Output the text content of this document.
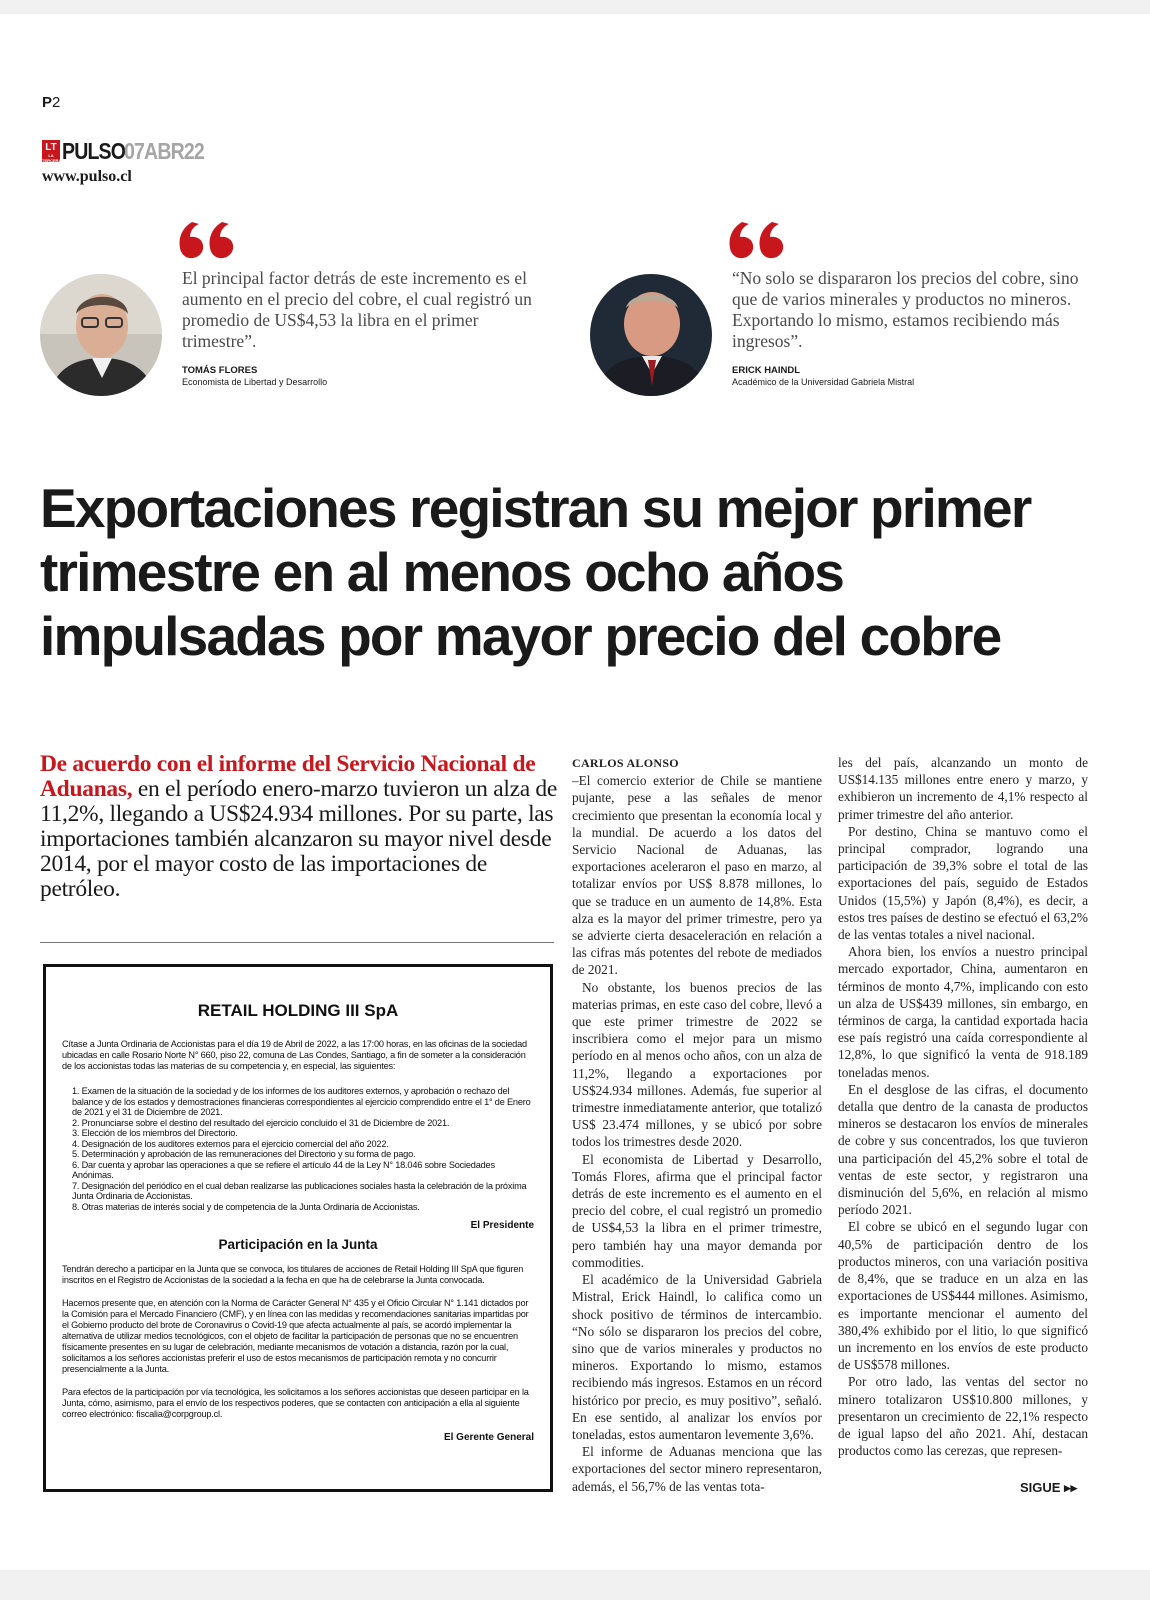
P2
LT
LA TERCERA PULSO 07ABR22
www.pulso.cl
El principal factor detrás de este incremento es el aumento en el precio del cobre, el cual registró un promedio de US$4,53 la libra en el primer trimestre”.
TOMÁS FLORES
Economista de Libertad y Desarrollo
“No solo se dispararon los precios del cobre, sino que de varios minerales y productos no mineros. Exportando lo mismo, estamos recibiendo más ingresos”.
ERICK HAINDL
Académico de la Universidad Gabriela Mistral
Exportaciones registran su mejor primer trimestre en al menos ocho años impulsadas por mayor precio del cobre
De acuerdo con el informe del Servicio Nacional de Aduanas, en el período enero-marzo tuvieron un alza de 11,2%, llegando a US$24.934 millones. Por su parte, las importaciones también alcanzaron su mayor nivel desde 2014, por el mayor costo de las importaciones de petróleo.
RETAIL HOLDING III SpA
Cítase a Junta Ordinaria de Accionistas para el día 19 de Abril de 2022, a las 17:00 horas, en las oficinas de la sociedad ubicadas en calle Rosario Norte N° 660, piso 22, comuna de Las Condes, Santiago, a fin de someter a la consideración de los accionistas todas las materias de su competencia y, en especial, las siguientes:
1. Examen de la situación de la sociedad y de los informes de los auditores externos, y aprobación o rechazo del balance y de los estados y demostraciones financieras correspondientes al ejercicio comprendido entre el 1° de Enero de 2021 y el 31 de Diciembre de 2021.
2. Pronunciarse sobre el destino del resultado del ejercicio concluido el 31 de Diciembre de 2021.
3. Elección de los miembros del Directorio.
4. Designación de los auditores externos para el ejercicio comercial del año 2022.
5. Determinación y aprobación de las remuneraciones del Directorio y su forma de pago.
6. Dar cuenta y aprobar las operaciones a que se refiere el artículo 44 de la Ley N° 18.046 sobre Sociedades Anónimas.
7. Designación del periódico en el cual deban realizarse las publicaciones sociales hasta la celebración de la próxima Junta Ordinaria de Accionistas.
8. Otras materias de interés social y de competencia de la Junta Ordinaria de Accionistas.
El Presidente
Participación en la Junta
Tendrán derecho a participar en la Junta que se convoca, los titulares de acciones de Retail Holding III SpA que figuren inscritos en el Registro de Accionistas de la sociedad a la fecha en que ha de celebrarse la Junta convocada.
Hacemos presente que, en atención con la Norma de Carácter General N° 435 y el Oficio Circular N° 1.141 dictados por la Comisión para el Mercado Financiero (CMF), y en línea con las medidas y recomendaciones sanitarias impartidas por el Gobierno producto del brote de Coronavirus o Covid-19 que afecta actualmente al país, se acordó implementar la alternativa de utilizar medios tecnológicos, con el objeto de facilitar la participación de personas que no se encuentren físicamente presentes en su lugar de celebración, mediante mecanismos de votación a distancia, razón por la cual, solicitamos a los señores accionistas preferir el uso de estos mecanismos de participación remota y no concurrir presencialmente a la Junta.
Para efectos de la participación por vía tecnológica, les solicitamos a los señores accionistas que deseen participar en la Junta, cómo, asimismo, para el envío de los respectivos poderes, que se contacten con anticipación a ella al siguiente correo electrónico: fiscalia@corpgroup.cl.
El Gerente General
CARLOS ALONSO

–El comercio exterior de Chile se mantiene pujante, pese a las señales de menor crecimiento que presentan la economía local y la mundial. De acuerdo a los datos del Servicio Nacional de Aduanas, las exportaciones aceleraron el paso en marzo, al totalizar envíos por US$ 8.878 millones, lo que se traduce en un aumento de 14,8%. Esta alza es la mayor del primer trimestre, pero ya se advierte cierta desaceleración en relación a las cifras más potentes del rebote de mediados de 2021.

No obstante, los buenos precios de las materias primas, en este caso del cobre, llevó a que este primer trimestre de 2022 se inscribiera como el mejor para un mismo período en al menos ocho años, con un alza de 11,2%, llegando a exportaciones por US$24.934 millones. Además, fue superior al trimestre inmediatamente anterior, que totalizó US$ 23.474 millones, y se ubicó por sobre todos los trimestres desde 2020.

El economista de Libertad y Desarrollo, Tomás Flores, afirma que el principal factor detrás de este incremento es el aumento en el precio del cobre, el cual registró un promedio de US$4,53 la libra en el primer trimestre, pero también hay una mayor demanda por commodities.

El académico de la Universidad Gabriela Mistral, Erick Haindl, lo califica como un shock positivo de términos de intercambio. “No sólo se dispararon los precios del cobre, sino que de varios minerales y productos no mineros. Exportando lo mismo, estamos recibiendo más ingresos. Estamos en un récord histórico por precio, es muy positivo”, señaló. En ese sentido, al analizar los envíos por toneladas, estos aumentaron levemente 3,6%.

El informe de Aduanas menciona que las exportaciones del sector minero representaron, además, el 56,7% de las ventas tota-

les del país, alcanzando un monto de US$14.135 millones entre enero y marzo, y exhibieron un incremento de 4,1% respecto al primer trimestre del año anterior.

Por destino, China se mantuvo como el principal comprador, logrando una participación de 39,3% sobre el total de las exportaciones del país, seguido de Estados Unidos (15,5%) y Japón (8,4%), es decir, a estos tres países de destino se efectuó el 63,2% de las ventas totales a nivel nacional.

Ahora bien, los envíos a nuestro principal mercado exportador, China, aumentaron en términos de monto 4,7%, implicando con esto un alza de US$439 millones, sin embargo, en términos de carga, la cantidad exportada hacia ese país registró una caída correspondiente al 12,8%, lo que significó la venta de 918.189 toneladas menos.

En el desglose de las cifras, el documento detalla que dentro de la canasta de productos mineros se destacaron los envíos de minerales de cobre y sus concentrados, los que tuvieron una participación del 45,2% sobre el total de ventas de este sector, y registraron una disminución del 5,6%, en relación al mismo período 2021.

El cobre se ubicó en el segundo lugar con 40,5% de participación dentro de los productos mineros, con una variación positiva de 8,4%, que se traduce en un alza en las exportaciones de US$444 millones. Asimismo, es importante mencionar el aumento del 380,4% exhibido por el litio, lo que significó un incremento en los envíos de este producto de US$578 millones.

Por otro lado, las ventas del sector no minero totalizaron US$10.800 millones, y presentaron un crecimiento de 22,1% respecto de igual lapso del año 2021. Ahí, destacan productos como las cerezas, que represen-

SIGUE ▸▸
